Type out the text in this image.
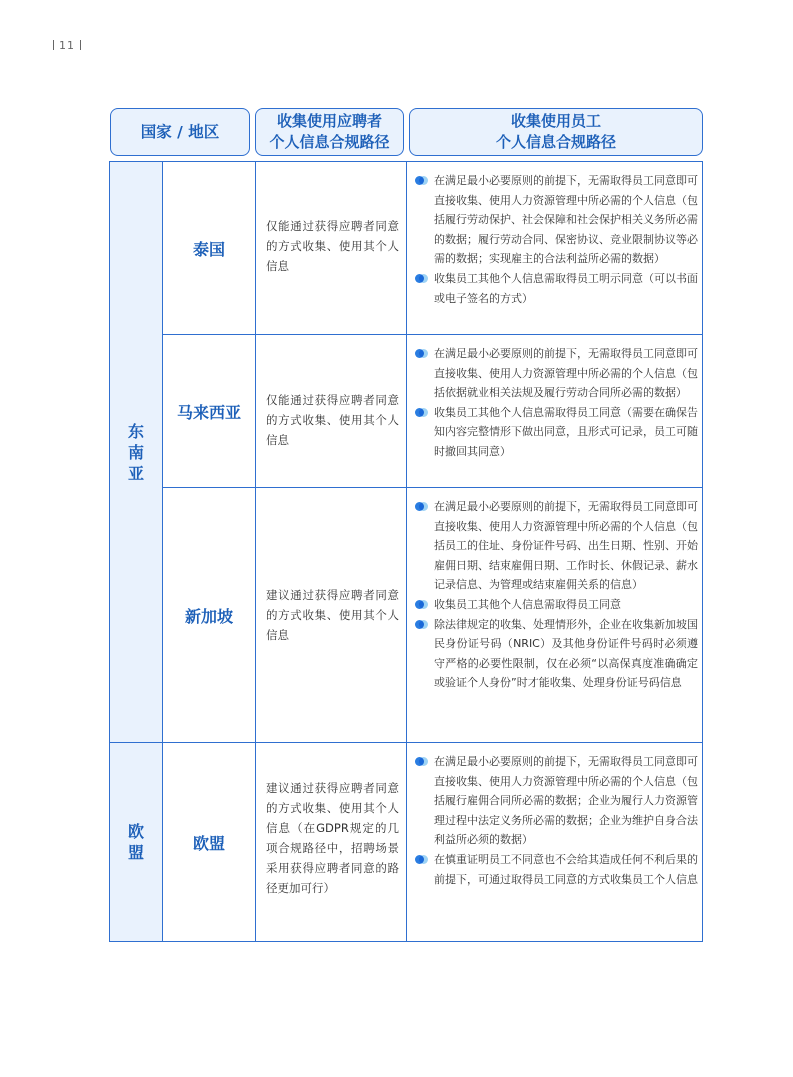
11
国家 / 地区
收集使用应聘者
个人信息合规路径
收集使用员工
个人信息合规路径
东
南
亚
欧
盟
泰国
仅能通过获得应聘者同意的方式收集、使用其个人信息
在满足最小必要原则的前提下，无需取得员工同意即可直接收集、使用人力资源管理中所必需的个人信息（包括履行劳动保护、社会保障和社会保护相关义务所必需的数据；履行劳动合同、保密协议、竞业限制协议等必需的数据；实现雇主的合法利益所必需的数据）
收集员工其他个人信息需取得员工明示同意（可以书面或电子签名的方式）
马来西亚
仅能通过获得应聘者同意的方式收集、使用其个人信息
在满足最小必要原则的前提下，无需取得员工同意即可直接收集、使用人力资源管理中所必需的个人信息（包括依据就业相关法规及履行劳动合同所必需的数据）
收集员工其他个人信息需取得员工同意（需要在确保告知内容完整情形下做出同意，且形式可记录，员工可随时撤回其同意）
新加坡
建议通过获得应聘者同意的方式收集、使用其个人信息
在满足最小必要原则的前提下，无需取得员工同意即可直接收集、使用人力资源管理中所必需的个人信息（包括员工的住址、身份证件号码、出生日期、性别、开始雇佣日期、结束雇佣日期、工作时长、休假记录、薪水记录信息、为管理或结束雇佣关系的信息）
收集员工其他个人信息需取得员工同意
除法律规定的收集、处理情形外，企业在收集新加坡国民身份证号码（NRIC）及其他身份证件号码时必须遵守严格的必要性限制，仅在必须“以高保真度准确确定或验证个人身份”时才能收集、处理身份证号码信息
欧盟
建议通过获得应聘者同意的方式收集、使用其个人信息（在GDPR规定的几项合规路径中，招聘场景采用获得应聘者同意的路径更加可行）
在满足最小必要原则的前提下，无需取得员工同意即可直接收集、使用人力资源管理中所必需的个人信息（包括履行雇佣合同所必需的数据；企业为履行人力资源管理过程中法定义务所必需的数据；企业为维护自身合法利益所必须的数据）
在慎重证明员工不同意也不会给其造成任何不利后果的前提下，可通过取得员工同意的方式收集员工个人信息
